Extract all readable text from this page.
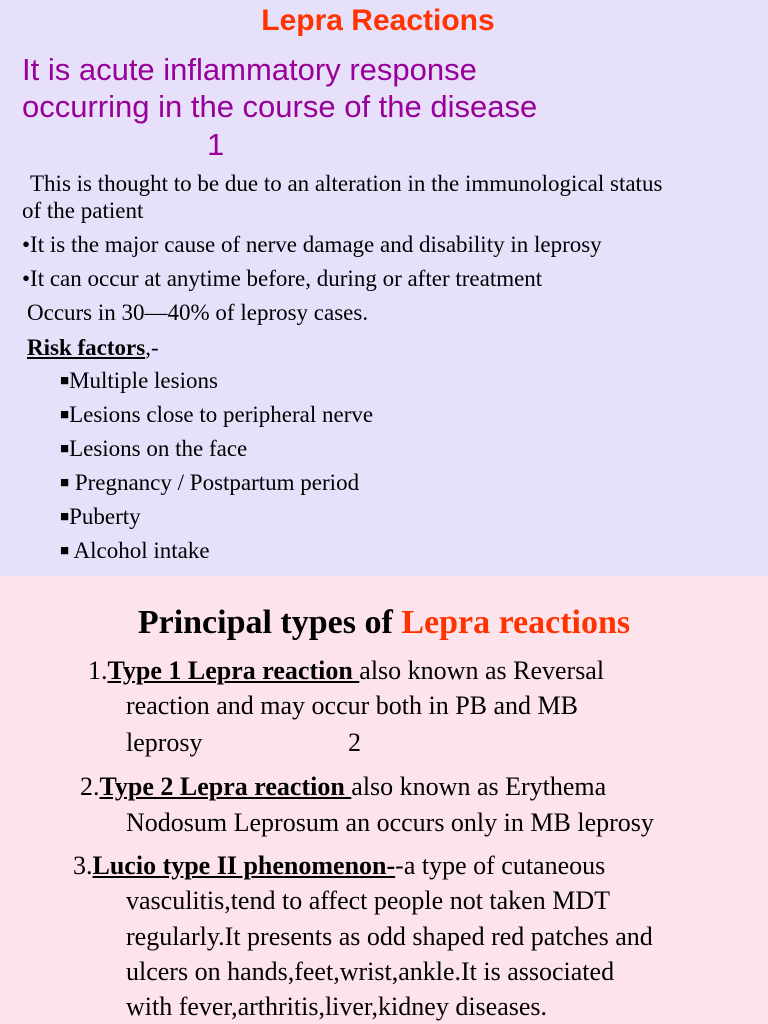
Lepra Reactions
It is acute inflammatory response
occurring in the course of the disease
1
This is thought to be due to an alteration in the immunological status
of the patient
•It is the major cause of nerve damage and disability in leprosy
•It can occur at anytime before, during or after treatment
Occurs in 30—40% of leprosy cases.
Risk factors,-
■Multiple lesions
■Lesions close to peripheral nerve
■Lesions on the face
■ Pregnancy / Postpartum period
■Puberty
■ Alcohol intake
Principal types of Lepra reactions
1.Type 1 Lepra reaction also known as Reversal
reaction and may occur both in PB and MB
leprosy	2
2.Type 2 Lepra reaction also known as Erythema
Nodosum Leprosum an occurs only in MB leprosy
3.Lucio type II phenomenon--a type of cutaneous
vasculitis,tend to affect people not taken MDT
regularly.It presents as odd shaped red patches and
ulcers on hands,feet,wrist,ankle.It is associated
with fever,arthritis,liver,kidney diseases.
